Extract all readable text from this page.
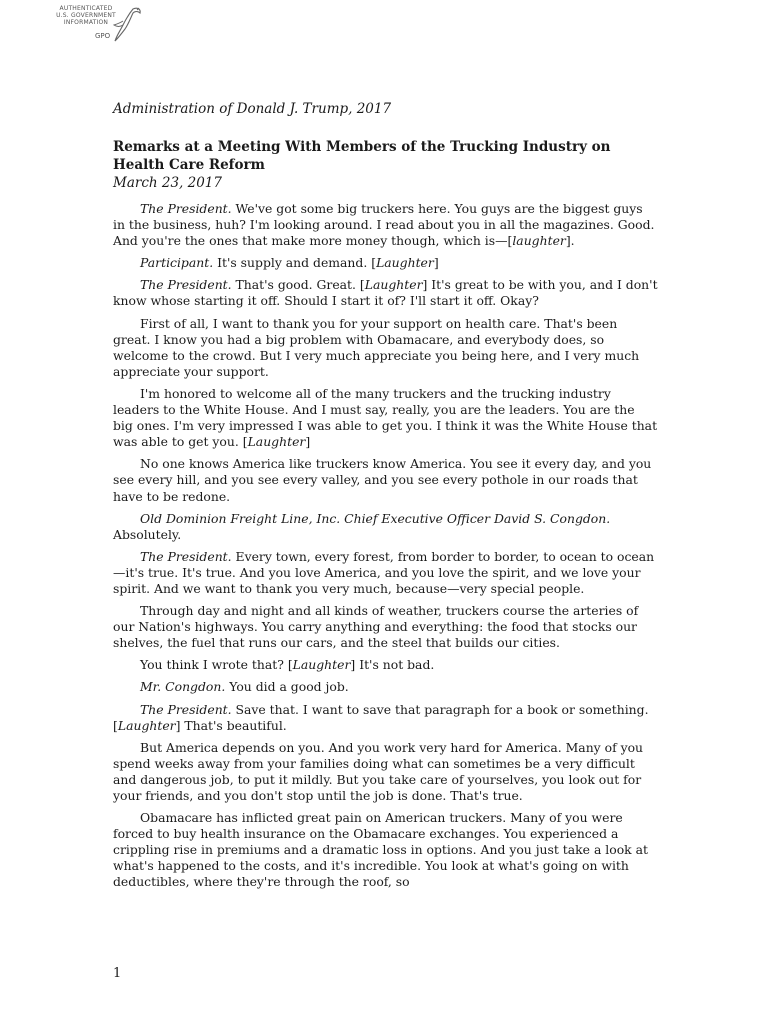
AUTHENTICATED
U.S. GOVERNMENT
INFORMATION
GPO

Administration of Donald J. Trump, 2017

Remarks at a Meeting With Members of the Trucking Industry on Health Care Reform

March 23, 2017

The President. We've got some big truckers here. You guys are the biggest guys in the business, huh? I'm looking around. I read about you in all the magazines. Good. And you're the ones that make more money though, which is—[laughter].

Participant. It's supply and demand. [Laughter]

The President. That's good. Great. [Laughter] It's great to be with you, and I don't know whose starting it off. Should I start it of? I'll start it off. Okay?

First of all, I want to thank you for your support on health care. That's been great. I know you had a big problem with Obamacare, and everybody does, so welcome to the crowd. But I very much appreciate you being here, and I very much appreciate your support.

I'm honored to welcome all of the many truckers and the trucking industry leaders to the White House. And I must say, really, you are the leaders. You are the big ones. I'm very impressed I was able to get you. I think it was the White House that was able to get you. [Laughter]

No one knows America like truckers know America. You see it every day, and you see every hill, and you see every valley, and you see every pothole in our roads that have to be redone.

Old Dominion Freight Line, Inc. Chief Executive Officer David S. Congdon. Absolutely.

The President. Every town, every forest, from border to border, to ocean to ocean—it's true. It's true. And you love America, and you love the spirit, and we love your spirit. And we want to thank you very much, because—very special people.

Through day and night and all kinds of weather, truckers course the arteries of our Nation's highways. You carry anything and everything: the food that stocks our shelves, the fuel that runs our cars, and the steel that builds our cities.

You think I wrote that? [Laughter] It's not bad.

Mr. Congdon. You did a good job.

The President. Save that. I want to save that paragraph for a book or something. [Laughter] That's beautiful.

But America depends on you. And you work very hard for America. Many of you spend weeks away from your families doing what can sometimes be a very difficult and dangerous job, to put it mildly. But you take care of yourselves, you look out for your friends, and you don't stop until the job is done. That's true.

Obamacare has inflicted great pain on American truckers. Many of you were forced to buy health insurance on the Obamacare exchanges. You experienced a crippling rise in premiums and a dramatic loss in options. And you just take a look at what's happened to the costs, and it's incredible. You look at what's going on with deductibles, where they're through the roof, so

1
